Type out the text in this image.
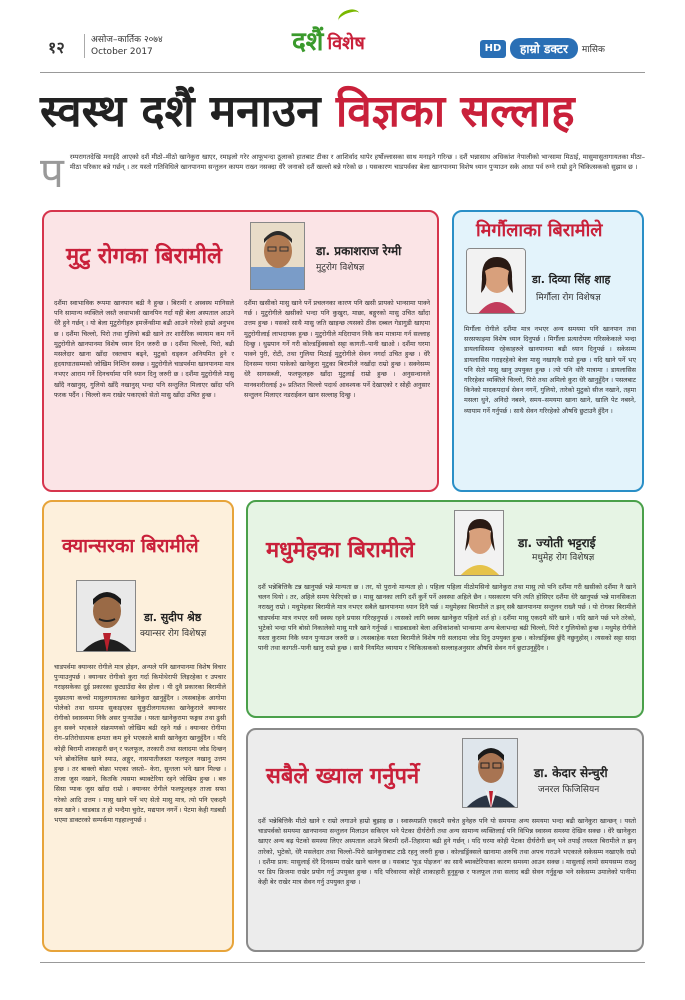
१२	असोज–कार्तिक २०७४
October 2017	दशैं विशेष	HD	हाम्रो डक्टर	मासिक
स्वस्थ दशैं मनाउन विज्ञका सल्लाह
प रम्परागतदेखि मनाईदै आएको दशैं मीठो–मीठो खानेकुरा खाएर, रमाइलो गरेर आफूभन्दा ठूलाको हातबाट टीका र आशिर्वाद थापेर हर्षोल्लासका साथ मनाइने गरिन्छ । दशैं भन्नासाथ अधिकांश नेपालीको भान्सामा मिठाई, मासुमासुतागायतका मीठा–मीठा परिकार बन्ने गर्छन् । तर यस्तो गतिविधिले खानपानमा सन्तुलन कायम राख्न नसक्दा धेरै जनाको दशैं खल्लो बन्ने गरेको छ । यसकारण चाडपर्वका बेला खानपानमा विशेष ध्यान पुऱ्याउन सके आधा पर्व रुग्ने राम्रो हुने चिकित्सकको सुझाव छ ।
मुटु रोगका बिरामीले	डा. प्रकाशराज रेग्मी
मुटुरोग विशेषज्ञ
दशैंमा स्वाभाविक रूपमा खानपान बढी नै हुन्छ । बिरामी र अस्वस्थ मानिसले पनि सामान्य व्यक्तिले जस्तै जथाभावी खानपिन गर्दा यही बेला अस्पताल आउने धेरै हुने गर्छन् । यो बेला मुटुरोगीहरु इमर्जेन्सीमा बढी आउने गरेको हाम्रो अनुभव छ । दशैंमा चिल्लो, पिरो तथा गुलियो बढी खाने तर शारीरिक व्यायाम कम गर्ने मुटुरोगीले खानपानमा विशेष ध्यान दिन जरुरी छ । दशैंमा चिल्लो, पिरो, बढी मसलेदार खाना खाँदा रक्तचाप बढ्ने, मुटुको धड्कन अनियमित हुने र हृदयाघातसम्मको जोखिम निम्तिन सक्छ । मुटुरोगीले चाडपर्वमा खानपानमा मात्र नभएर आराम गर्ने दिनचर्यामा पनि ध्यान दिनु जरुरी छ । दशैंमा मुटुरोगीले मासु खाँदै नखानुस्, गुलियो खाँदै नखानुस् भन्दा पनि सन्तुलित मिलाएर खाँदा पनि फरक पर्दैन । चिल्लो कम राखेर पकाएको सेतो मासु खाँदा उचित हुन्छ ।
दशैंमा खसीको मासु खाने पर्ने प्रचलनका कारण पनि खसी प्रायको भान्सामा पाक्ने गर्छ । मुटुरोगीले खसीको भन्दा पनि कुखुरा, माछा, बङ्गुरको मासु उचित खाँदा उत्तम हुन्छ । यसको साथै मासु जति खाइन्छ त्यसको ठीक दब्बल गेडागुडी खाएमा मुटुरोगीलाई लाभदायक हुन्छ । मुटुरोगीले मदिरापान निकै कम मात्रामा गर्न सल्लाह दिन्छु । धुम्रपान गर्ने गरी कोल्डड्रिंक्सको सट्टा कागती–पानी खाओ । दशैंमा घरमा पाक्ने पुरी, रोटी, तथा गुलिया मिठाई मुटुरोगीले सेवन नगर्दा उचित हुन्छ । धेरै दिनसम्म घरमा पाकेको खानेकुरा मुटुका बिरामीले नखाँदा राम्रो हुन्छ । सक्नेसम्म धेरै सागसब्जी, फलफूलहरु खाँदा मुटुलाई राम्रो हुन्छ । अनुसन्धानले मानवशरीरलाई ३० प्रतिशत चिल्लो पदार्थ आवश्यक पर्ने देखाएको र सोही अनुसार सन्तुलन मिलाएर नडराईकन खान सल्लाह दिन्छु ।
मिर्गौलाका बिरामीले
डा. दिव्या सिंह शाह
मिर्गौला रोग विशेषज्ञ
मिर्गौला रोगीले दशैंमा मात्र नभएर अन्य समयमा पनि खानपान तथा सरसफाइमा विशेष ध्यान दिनुपर्छ । मिर्गौला प्रत्यारोपण गरिसकेकाले भन्दा डायलासिसमा रहेकाहरुले खानपानमा बढी ध्यान दिनुपर्छ । सकेसम्म डायलासिस गराइरहेको बेला मासु नखाएकै राम्रो हुन्छ । यदि खाने पर्ने भए पनि सेतो मासु खानु उपयुक्त हुन्छ । त्यो पनि थोरै मात्रामा । डायलासिस गरिरहेका व्यक्तिले चिल्लो, पिरो तथा अमिलो कुरा धेरै खानुहुँदैन । पसलबाट किनेको मादकपदार्थ सेवन नगर्ने, गुलियो, तारेको मुटुको सीज नखाने, तहमा मसला धुने, अनिदो नबस्ने, समय–समयमा खाना खाने, खालि पेट नबस्ने, व्यायाम गर्ने गर्नुपर्छ । साथै सेवन गरिरहेको औषधि छुटाउनै हुँदैन ।
क्यान्सरका बिरामीले
डा. सुदीप श्रेष्ठ
क्यान्सर रोग विशेषज्ञ
चाडपर्वमा क्यान्सर रोगीले मात्र होइन, अन्यले पनि खानपानमा विशेष विचार पुऱ्याउनुपर्छ । क्यान्सर रोगीको कुरा गर्दा किमोथेरापी लिइरहेका र उपचार गराइसकेका दुई प्रकारका छुट्याउँदा बेस होला । यी दुवै प्रकारका बिरामीले मुख्यतया कच्चो मासुलगायतका खानेकुरा खानुहुँदैन । त्यसबाहेक आगोमा पोलेको तथा घाममा सुकाइएका सुकुटीलगायतका खानेकुराले क्यान्सर रोगीको स्वास्थ्यमा निकै असर पुऱ्याउँछ । यस्ता खानेकुरामा फङ्गस तथा ढुसी हुन सक्ने भएकाले संक्रमणको जोखिम बढी रहने गर्छ । क्यान्सर रोगीमा रोग–प्रतिरोधात्मक क्षमता कम हुने भएकाले बासी खानेकुरा खानुहुँदैन । यदि कोही बिरामी शाकाहारी छन् र फलफूल, तरकारी तथा सलादमा जोड दिन्छन् भने ब्रोकोलिस खाने स्याउ, अङ्गुर, नासपातीजस्ता फलफूल नखानु उत्तम हुन्छ । तर बाक्लो बोक्रा भएका जस्तो– केरा, सुन्तला भने खान मिल्छ । ताजा जुस नखाने, कितकि त्यसमा ब्याक्टेरिया रहने जोखिम हुन्छ । बरु सिसा प्याक जुस खाँदा राम्रो । क्यान्सर रोगीले फलफूलहरु ताजा सफा गरेको आदि उत्तम । मासु खाने पर्ने भए सेतो मासु मात्र, त्यो पनि एकदमै कम खाने । चाडबाड त हो भन्दैमा चुरोट, मद्यपान नगर्ने । पेटमा केही गडबडी भएमा डाक्टरको सम्पर्कमा गइहाल्नुपर्छ ।
मधुमेहका बिरामीले	डा. ज्योती भट्टराई
मधुमेह रोग विशेषज्ञ
दशैं भन्नेबित्तिकै टन्न खानुपर्छ भन्ने मान्यता छ । तर, यो पुरानो मान्यता हो । पहिला पहिला मीठोमसिनो खानेकुरा तथा मासु त्यो पनि दशैंमा गरी खसीको दशैंमा नै खाने चलन थियो । तर, अहिले समय फेरिएको छ । मासु खानका लागि दशैं कुर्ने पर्ने अवस्था अहिले छैन । यसकारण पनि त्यति होसिएर दशैंमा धेरै खानुपर्छ भन्ने मानसिकता नराख्नु राम्रो । मधुमेहका बिरामीले मात्र नभएर सबैले खानपानमा ध्यान दिनै पर्छ । मधुमेहका बिरामीले त झन् सबै खानपानमा सन्तुलन राख्नै पर्छ । यो रोगका बिरामीले चाडपर्वमा मात्र नभएर सधैं स्वस्थ रहने प्रयास गरिरहनुपर्छ । त्यसको लागि स्वस्थ खानेकुरा पहिलो शर्त हो । दशैंमा मासु एकदमै थोरै खाने । यदि खाने पर्छ भने तरेको, भुटेको भन्दा पनि बोसो निकालेको मासु मात्रै खाने गर्नुपर्छ । चाडबाडको बेला अधिकांशको भान्सामा अन्य बेलाभन्दा बढी चिल्लो, पिरो र गुलियोको हुन्छ । मधुमेह रोगीले यस्ता कुरामा निकै ध्यान पुऱ्याउन जरुरी छ । त्यसबाहेक यस्ता बिरामीले विशेष गरी सलादमा जोड दिनु उपयुक्त हुन्छ । कोल्डड्रिंक्स छुँदै नछुनुहोस् । त्यसको सट्टा सादा पानी तथा कागती–पानी खानु राम्रो हुन्छ । साथै नियमित व्यायाम र चिकित्सकको सल्लाहअनुसार औषधि सेवन गर्न छुटाउनुहुँदैन ।
सबैले ख्याल गर्नुपर्ने	डा. केदार सेन्चुरी
जनरल फिजिसियन
दशैं भन्नेबित्तिकै मीठो खाने र राम्रो लगाउने हाम्रो बुझाइ छ । स्वास्थ्यप्रति एकदमै सचेत हुनेहरु पनि यो समयमा अन्य समयमा भन्दा बढी खानेकुरा खान्छन् । यस्तो चाडपर्वको समयमा खानपानमा सन्तुलन मिलाउन सकिएन भने पेटका दीर्घरोगी तथा अन्य सामान्य व्यक्तिलाई पनि विभिन्न स्वास्थ्य समस्या देखिन सक्छ । धेरै खानेकुरा खाएर अन्य बढ़ पेटको समस्या लिएर अस्पताल आउने बिरामी दशैं–तिहारमा बढी हुने गर्छन् । यदि घरमा कोही पेटका दीर्घरोगी छन् भने तपाईं तयस्ता बिरामीले त झन् तारेको, भुटेको, धेरै मसलेदार तथा चिल्लो–पिरो खानेकुराबाट टाढै रहनु जरुरी हुन्छ । कोल्डड्रिंक्सले खानामा अरुचि तथा अपच गराउने भएकाले सकेसम्म नखाएकै राम्रो । दशैंमा प्राय: मासुलाई धेरै दिनसम्म राखेर खाने चलन छ । यसबाट 'फूड पोइजन' का साथै ब्याक्टेरियाका कारण समस्या आउन सक्छ । मासुलाई लामो समयसम्म राख्नु पर डिप फ्रिजमा राखेर प्रयोग गर्नु उपयुक्त हुन्छ । यदि परिवारमा कोही शाकाहारी हुनुहुन्छ र फलफूल तथा सलाद बढी सेवन गर्नुहुन्छ भने सकेसम्म उमालेको पानीमा केही बेर राखेर मात्र सेवन गर्नु उपयुक्त हुन्छ ।
